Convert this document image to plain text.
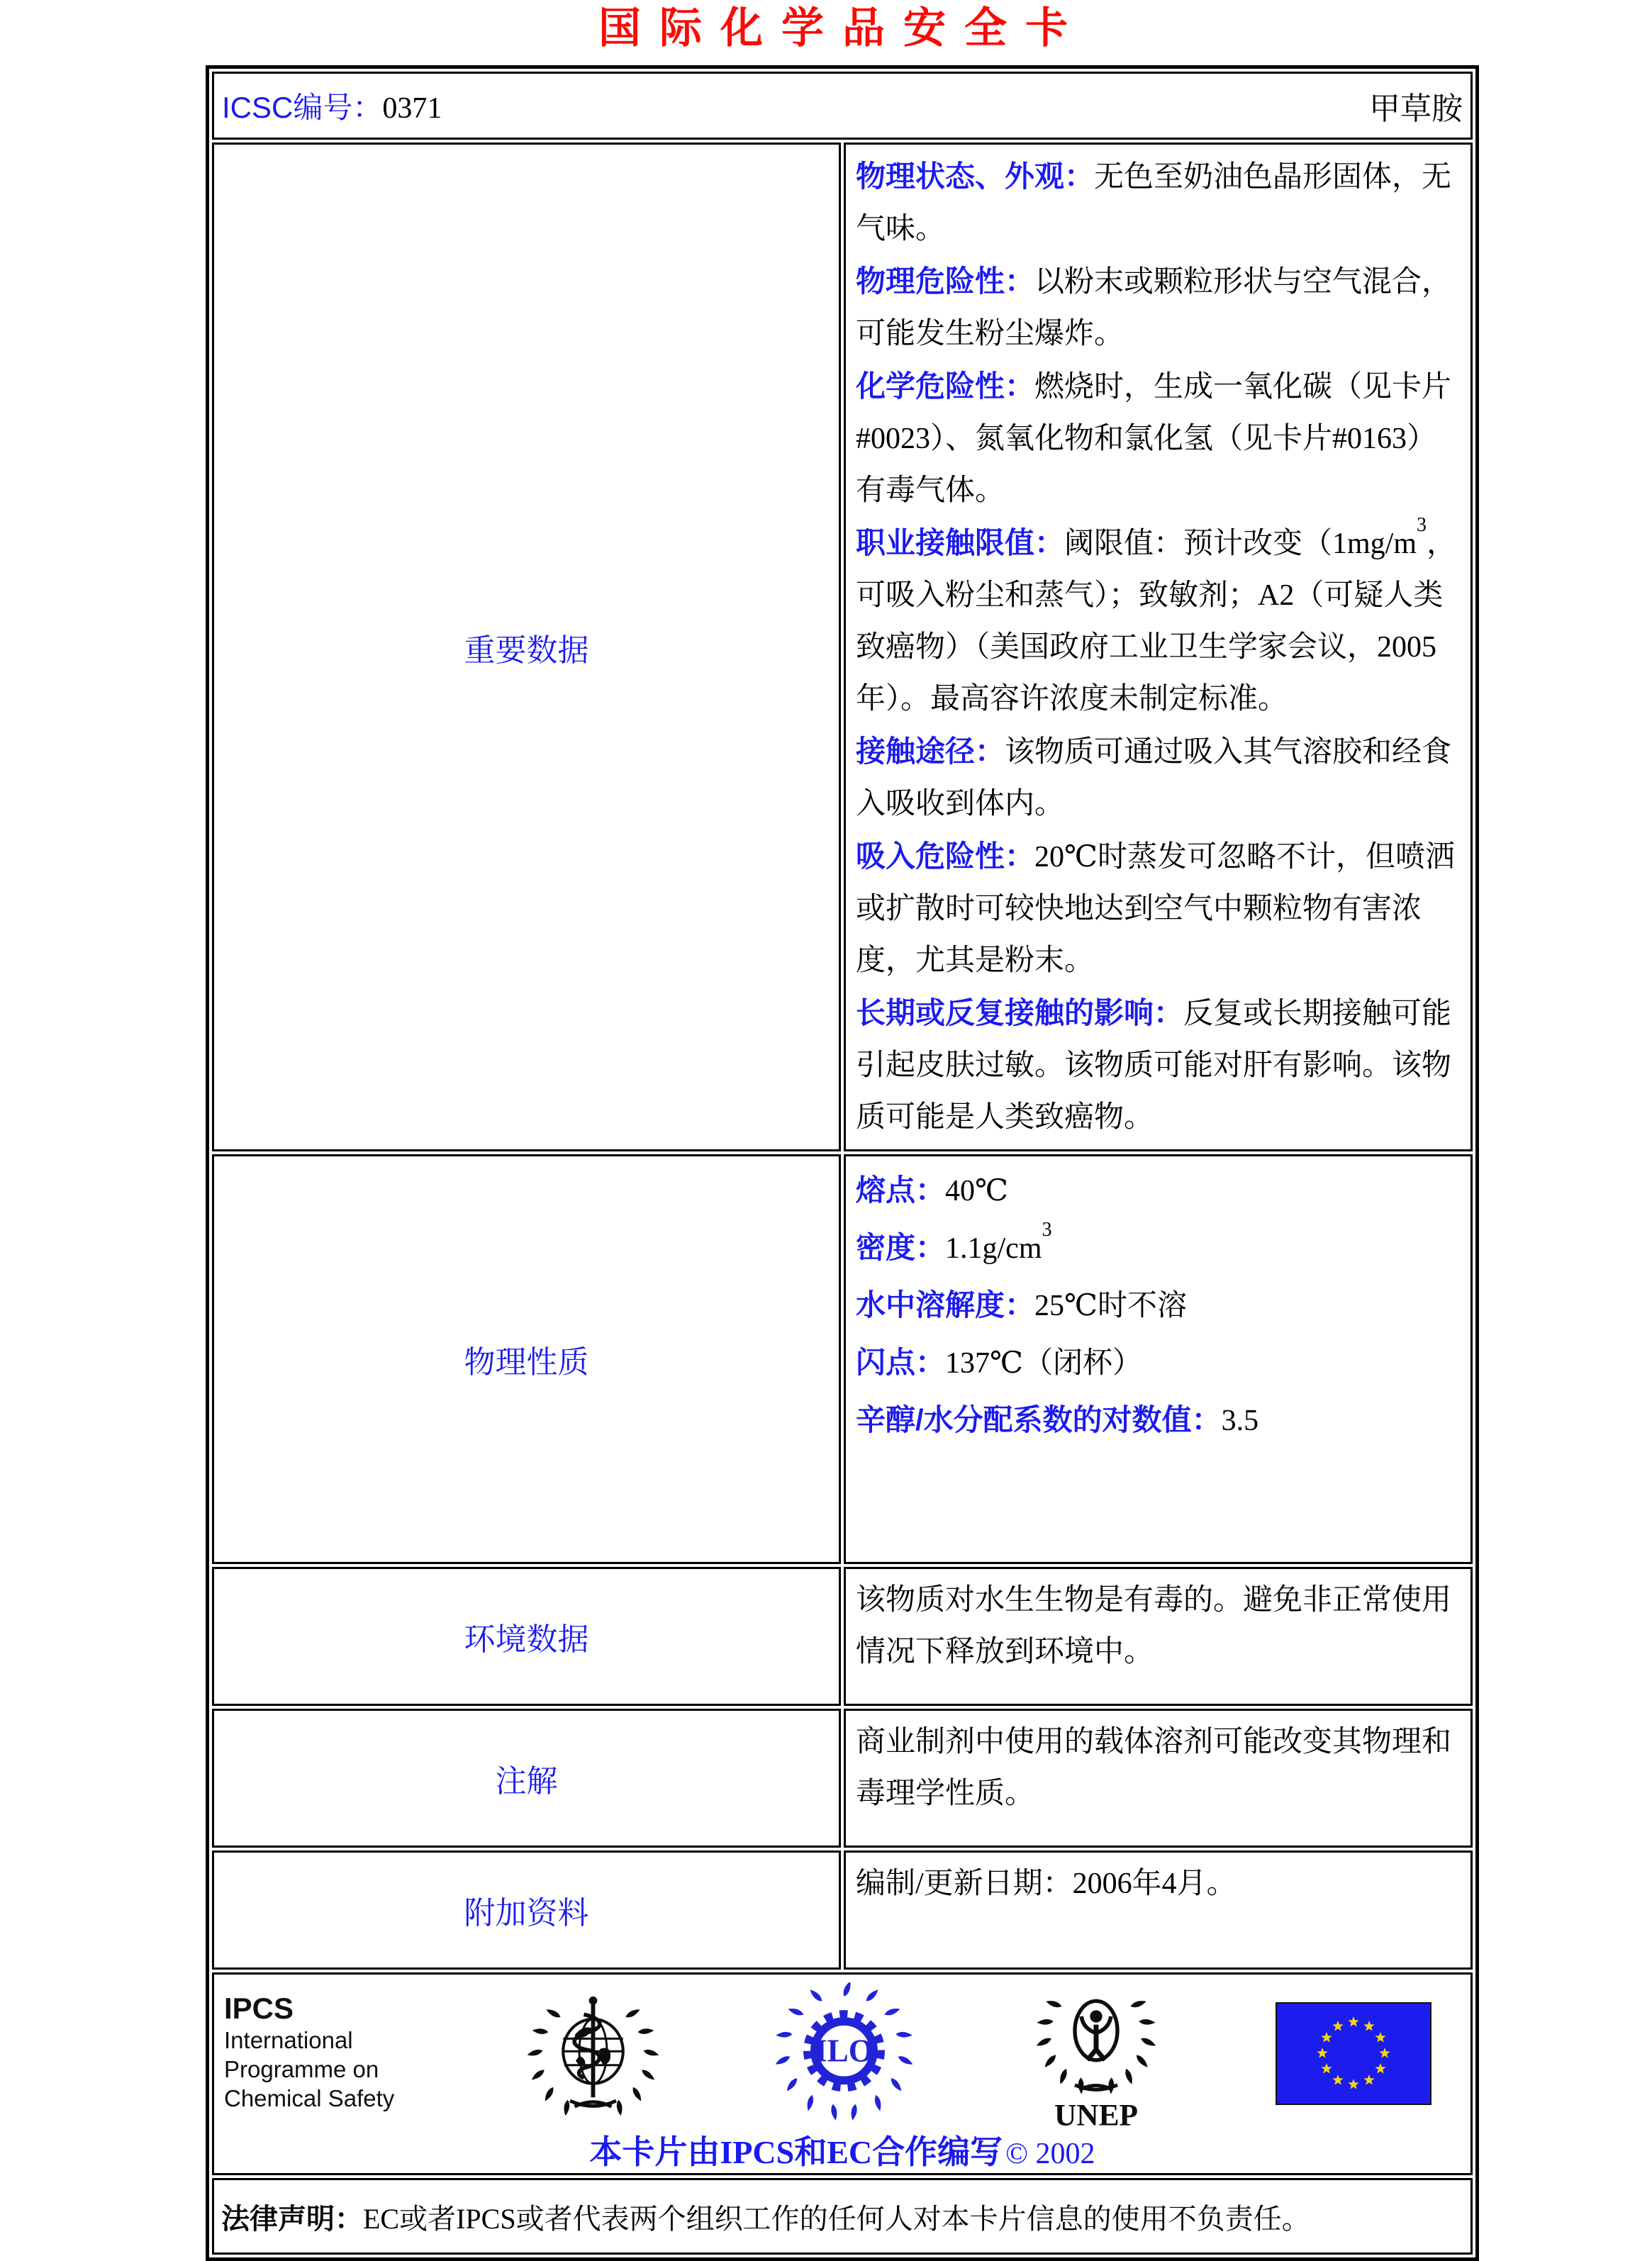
国际化学品安全卡
ICSC编号：0371 甲草胺	

重要数据	

物理状态、外观：无色至奶油色晶形固体，无气味。

物理危险性：以粉末或颗粒形状与空气混合，可能发生粉尘爆炸。

化学危险性：燃烧时，生成一氧化碳（见卡片#0023）、氮氧化物和氯化氢（见卡片#0163）有毒气体。

职业接触限值：阈限值：预计改变（$1mg/m^3$，可吸入粉尘和蒸气）；致敏剂；A2（可疑人类致癌物）（美国政府工业卫生学家会议，2005年）。最高容许浓度未制定标准。

接触途径：该物质可通过吸入其气溶胶和经食入吸收到体内。

吸入危险性：20℃时蒸发可忽略不计，但喷洒或扩散时可较快地达到空气中颗粒物有害浓度，尤其是粉末。

长期或反复接触的影响：反复或长期接触可能引起皮肤过敏。该物质可能对肝有影响。该物质可能是人类致癌物。

物理性质	熔点：40℃

密度：$1.1g/cm^3$

水中溶解度：25℃时不溶

闪点：137℃（闭杯）

辛醇/水分配系数的对数值：3.5

环境数据	该物质对水生生物是有毒的。避免非正常使用情况下释放到环境中。
注解	商业制剂中使用的载体溶剂可能改变其物理和毒理学性质。
附加资料	编制/更新日期：2006年4月。

IPCS
International
Programme on
Chemical Safety
ILO
UNEP
本卡片由IPCS和EC合作编写 © 2002

法律声明：EC或者IPCS或者代表两个组织工作的任何人对本卡片信息的使用不负责任。	
